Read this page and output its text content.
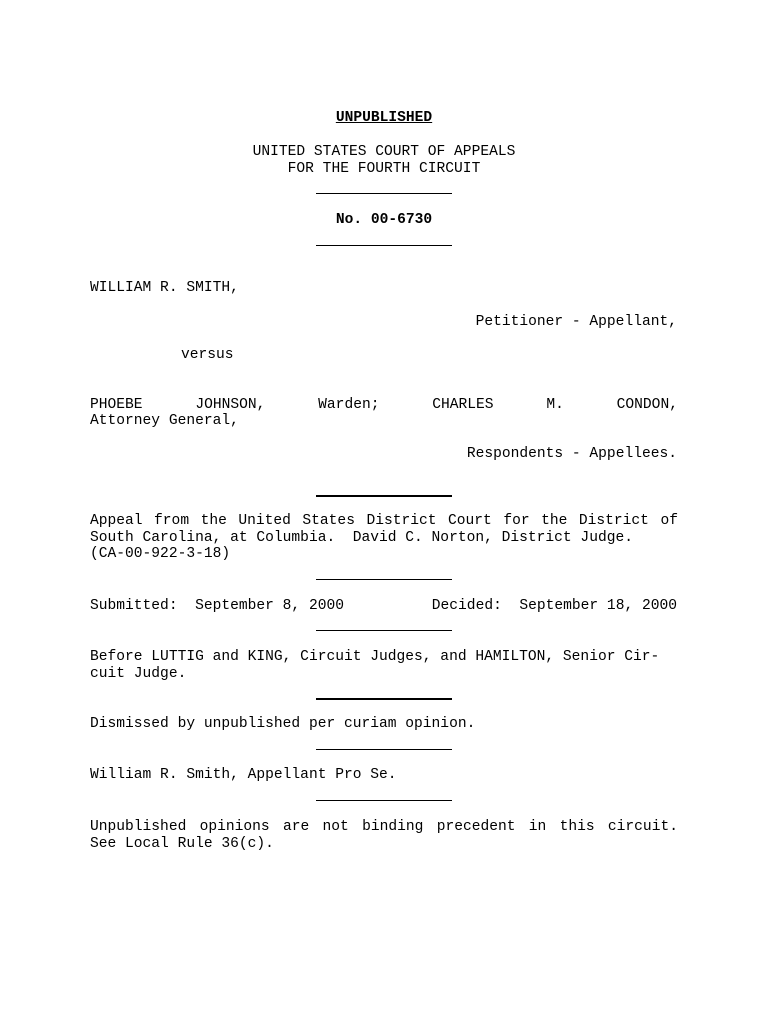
UNPUBLISHED
UNITED STATES COURT OF APPEALS
FOR THE FOURTH CIRCUIT
No. 00-6730
WILLIAM R. SMITH,
Petitioner - Appellant,
versus
PHOEBE	JOHNSON,	Warden;	CHARLES	M.	CONDON,
Attorney General,
Respondents - Appellees.
Appeal from the United States District Court for the District of
South Carolina, at Columbia.  David C. Norton, District Judge.
(CA-00-922-3-18)
Submitted:  September 8, 2000	Decided:  September 18, 2000
Before LUTTIG and KING, Circuit Judges, and HAMILTON, Senior Cir-
cuit Judge.
Dismissed by unpublished per curiam opinion.
William R. Smith, Appellant Pro Se.
Unpublished opinions are not binding precedent in this circuit.
See Local Rule 36(c).
